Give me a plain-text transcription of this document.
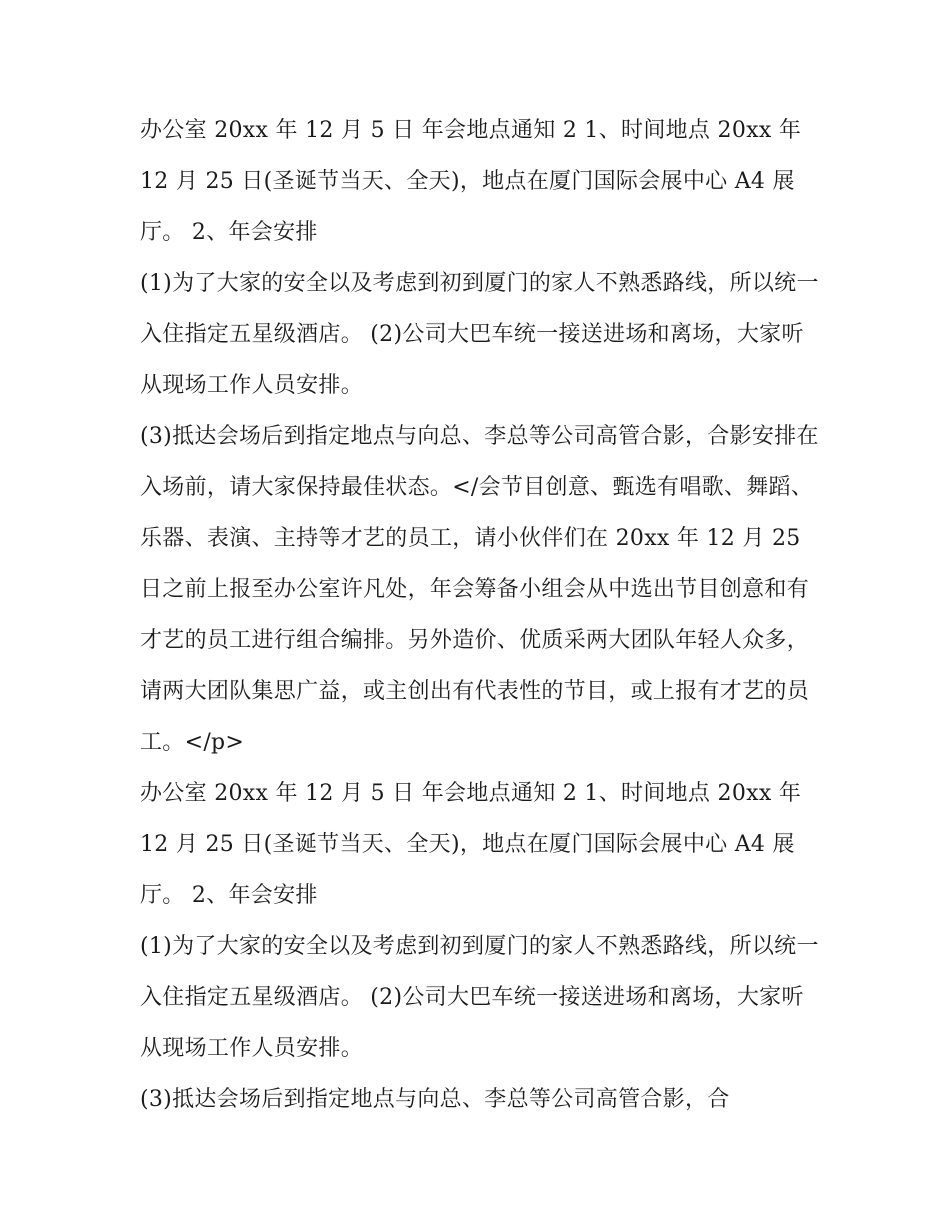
办公室 20xx 年 12 月 5 日 年会地点通知 2 1、时间地点 20xx 年 12 月 25 日(圣诞节当天、全天)，地点在厦门国际会展中心 A4 展厅。 2、年会安排

(1)为了大家的安全以及考虑到初到厦门的家人不熟悉路线，所以统一入住指定五星级酒店。 (2)公司大巴车统一接送进场和离场，大家听从现场工作人员安排。

(3)抵达会场后到指定地点与向总、李总等公司高管合影，合影安排在入场前，请大家保持最佳状态。</会节目创意、甄选有唱歌、舞蹈、乐器、表演、主持等才艺的员工，请小伙伴们在 20xx 年 12 月 25 日之前上报至办公室许凡处，年会筹备小组会从中选出节目创意和有才艺的员工进行组合编排。另外造价、优质采两大团队年轻人众多，请两大团队集思广益，或主创出有代表性的节目，或上报有才艺的员工。</p>

办公室 20xx 年 12 月 5 日 年会地点通知 2 1、时间地点 20xx 年 12 月 25 日(圣诞节当天、全天)，地点在厦门国际会展中心 A4 展厅。 2、年会安排

(1)为了大家的安全以及考虑到初到厦门的家人不熟悉路线，所以统一入住指定五星级酒店。 (2)公司大巴车统一接送进场和离场，大家听从现场工作人员安排。

(3)抵达会场后到指定地点与向总、李总等公司高管合影，合
